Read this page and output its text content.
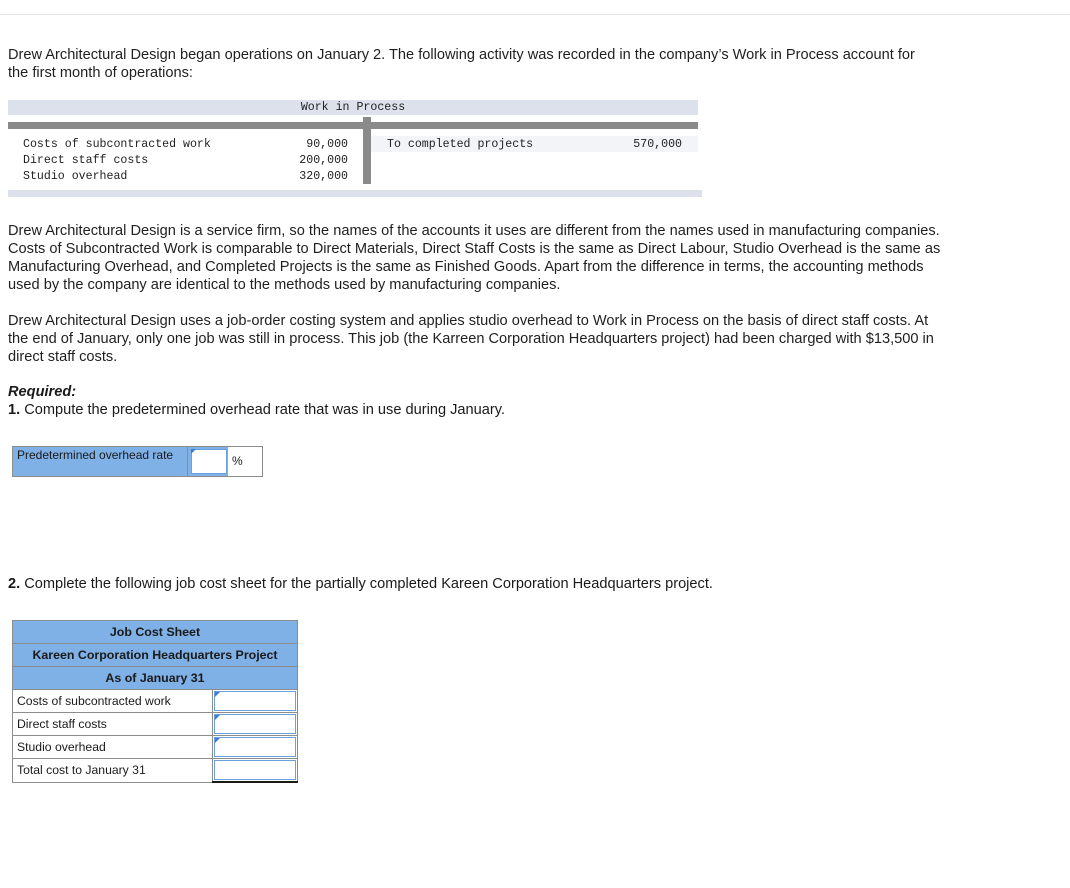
Drew Architectural Design began operations on January 2. The following activity was recorded in the company’s Work in Process account for the first month of operations:

Work in Process
Costs of subcontracted work	90,000
Direct staff costs	200,000
Studio overhead	320,000
To completed projects	570,000

Drew Architectural Design is a service firm, so the names of the accounts it uses are different from the names used in manufacturing companies. Costs of Subcontracted Work is comparable to Direct Materials, Direct Staff Costs is the same as Direct Labour, Studio Overhead is the same as Manufacturing Overhead, and Completed Projects is the same as Finished Goods. Apart from the difference in terms, the accounting methods used by the company are identical to the methods used by manufacturing companies.

Drew Architectural Design uses a job-order costing system and applies studio overhead to Work in Process on the basis of direct staff costs. At the end of January, only one job was still in process. This job (the Karreen Corporation Headquarters project) had been charged with $13,500 in direct staff costs.

Required:
1. Compute the predetermined overhead rate that was in use during January.
Predetermined overhead rate	%
2. Complete the following job cost sheet for the partially completed Kareen Corporation Headquarters project.
Job Cost Sheet	
Kareen Corporation Headquarters Project	
As of January 31	
Costs of subcontracted work	

Direct staff costs	

Studio overhead	

Total cost to January 31	
